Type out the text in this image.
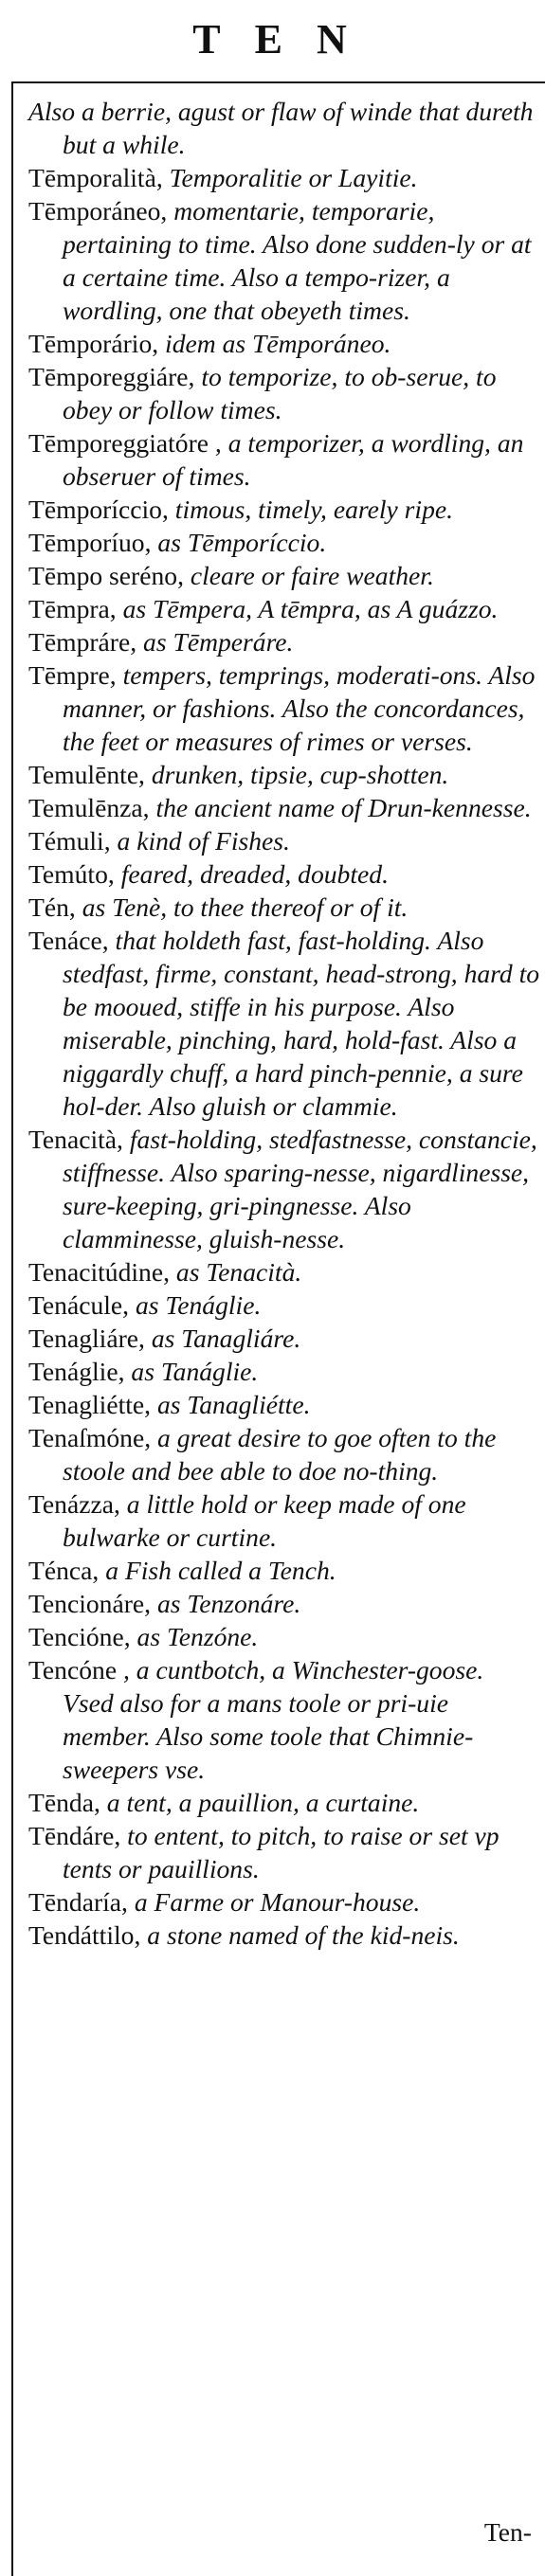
TEN

Also a berrie, agust or flaw of winde that dureth but a while.

Tēmporalità, Temporalitie or Layitie.

Tēmporáneo, momentarie, temporarie, pertaining to time. Also done sudden-ly or at a certaine time. Also a tempo-rizer, a wordling, one that obeyeth times.

Tēmporário, idem as Tēmporáneo.

Tēmporeggiáre, to temporize, to ob-serue, to obey or follow times.

Tēmporeggiatóre , a temporizer, a wordling, an obseruer of times.

Tēmporíccio, timous, timely, earely ripe.

Tēmporíuo, as Tēmporíccio.

Tēmpo seréno, cleare or faire weather.

Tēmpra, as Tēmpera, A tēmpra, as A guázzo.

Tēmpráre, as Tēmperáre.

Tēmpre, tempers, temprings, moderati-ons. Also manner, or fashions. Also the concordances, the feet or measures of rimes or verses.

Temulēnte, drunken, tipsie, cup-shotten.

Temulēnza, the ancient name of Drun-kennesse.

Témuli, a kind of Fishes.

Temúto, feared, dreaded, doubted.

Tén, as Tenè, to thee thereof or of it.

Tenáce, that holdeth fast, fast-holding. Also stedfast, firme, constant, head-strong, hard to be mooued, stiffe in his purpose. Also miserable, pinching, hard, hold-fast. Also a niggardly chuff, a hard pinch-pennie, a sure hol-der. Also gluish or clammie.

Tenacità, fast-holding, stedfastnesse, constancie, stiffnesse. Also sparing-nesse, nigardlinesse, sure-keeping, gri-pingnesse. Also clamminesse, gluish-nesse.

Tenacitúdine, as Tenacità.

Tenácule, as Tenáglie.

Tenagliáre, as Tanagliáre.

Tenáglie, as Tanáglie.

Tenagliétte, as Tanagliétte.

Tenaſmóne, a great desire to goe often to the stoole and bee able to doe no-thing.

Tenázza, a little hold or keep made of one bulwarke or curtine.

Ténca, a Fish called a Tench.

Tencionáre, as Tenzonáre.

Tencióne, as Tenzóne.

Tencóne , a cuntbotch, a Winchester-goose. Vsed also for a mans toole or pri-uie member. Also some toole that Chimnie-sweepers vse.

Tēnda, a tent, a pauillion, a curtaine.

Tēndáre, to entent, to pitch, to raise or set vp tents or pauillions.

Tēndaría, a Farme or Manour-house.

Tendáttilo, a stone named of the kid-neis.

Ten-
